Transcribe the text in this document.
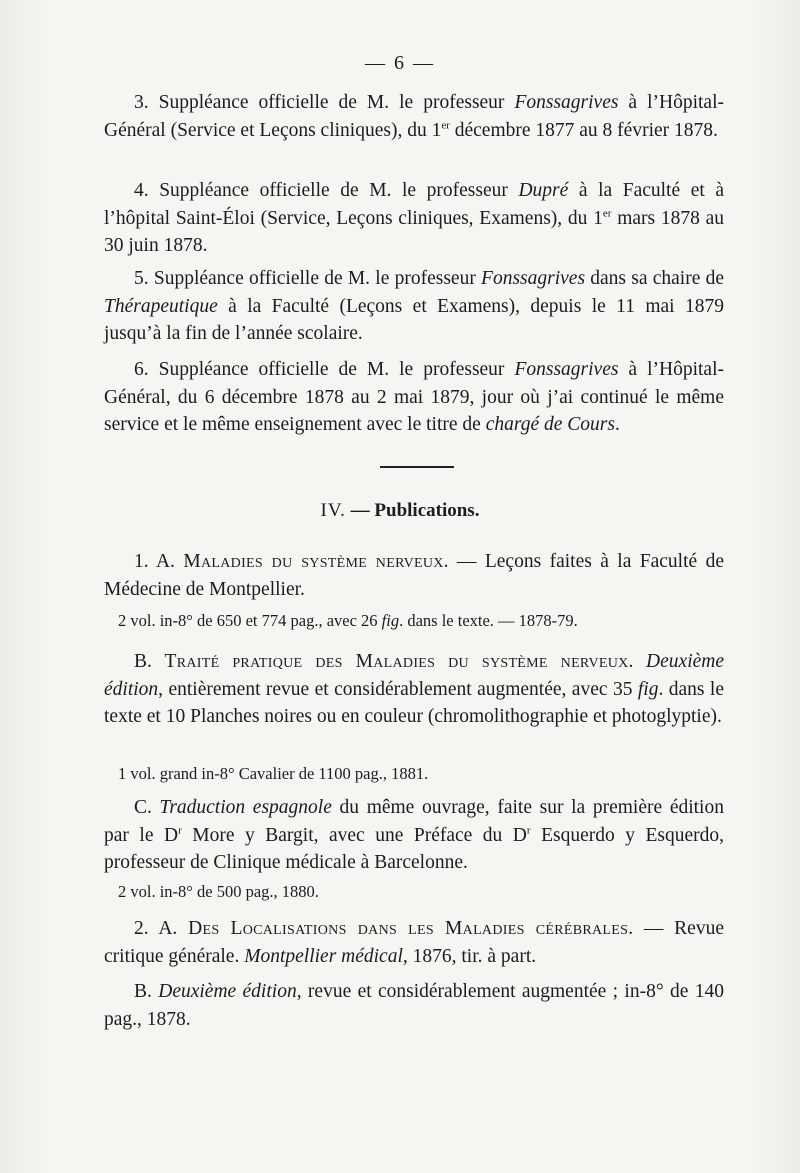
— 6 —

3. Suppléance officielle de M. le professeur Fonssagrives à l’Hôpital-Général (Service et Leçons cliniques), du 1er décembre 1877 au 8 février 1878.

4. Suppléance officielle de M. le professeur Dupré à la Faculté et à l’hôpital Saint-Éloi (Service, Leçons cliniques, Examens), du 1er mars 1878 au 30 juin 1878.

5. Suppléance officielle de M. le professeur Fonssagrives dans sa chaire de Thérapeutique à la Faculté (Leçons et Examens), depuis le 11 mai 1879 jusqu’à la fin de l’année scolaire.

6. Suppléance officielle de M. le professeur Fonssagrives à l’Hôpital-Général, du 6 décembre 1878 au 2 mai 1879, jour où j’ai continué le même service et le même enseignement avec le titre de chargé de Cours.

IV. — Publications.

1. A. Maladies du système nerveux. — Leçons faites à la Faculté de Médecine de Montpellier.

2 vol. in-8° de 650 et 774 pag., avec 26 fig. dans le texte. — 1878-79.

B. Traité pratique des Maladies du système nerveux. Deuxième édition, entièrement revue et considérablement augmentée, avec 35 fig. dans le texte et 10 Planches noires ou en couleur (chromolithographie et photoglyptie).

1 vol. grand in-8° Cavalier de 1100 pag., 1881.

C. Traduction espagnole du même ouvrage, faite sur la première édition par le $D^r$ More y Bargit, avec une Préface du $D^r$ Esquerdo y Esquerdo, professeur de Clinique médicale à Barcelonne.

2 vol. in-8° de 500 pag., 1880.

2. A. Des Localisations dans les Maladies cérébrales. — Revue critique générale. Montpellier médical, 1876, tir. à part.

B. Deuxième édition, revue et considérablement augmentée ; in-8° de 140 pag., 1878.
